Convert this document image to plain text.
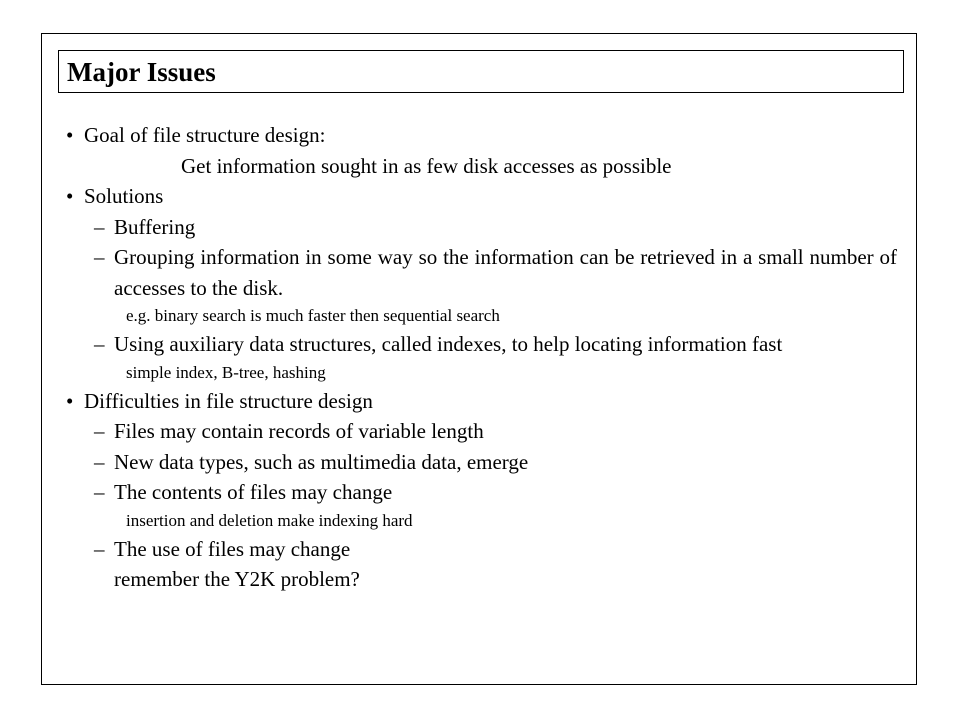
Major Issues
• Goal of file structure design:
Get information sought in as few disk accesses as possible
• Solutions
– Buffering
– Grouping information in some way so the information can be retrieved in a small number of accesses to the disk.
e.g. binary search is much faster then sequential search
– Using auxiliary data structures, called indexes, to help locating information fast
simple index, B-tree, hashing
• Difficulties in file structure design
– Files may contain records of variable length
– New data types, such as multimedia data, emerge
– The contents of files may change
insertion and deletion make indexing hard
– The use of files may change
remember the Y2K problem?
